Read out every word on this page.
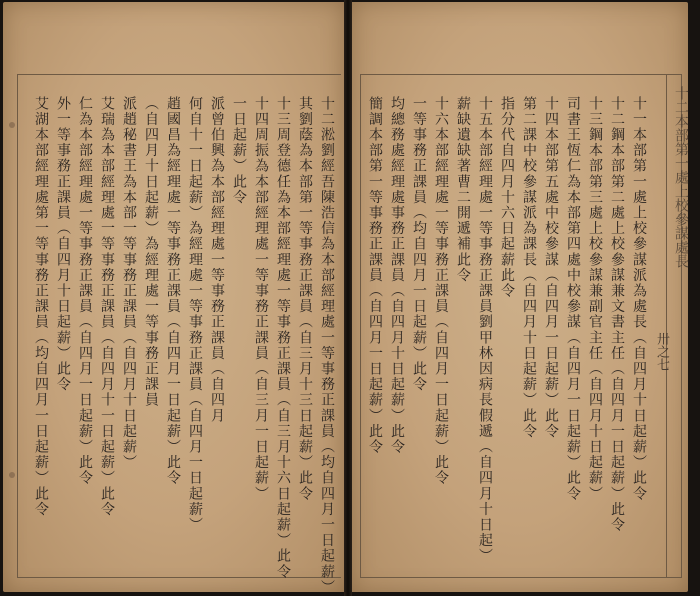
卅之七
十二本部第一處上校參謀處長
十二淞劉經吾陳浩信為本部經理處一等事務正課員（均自四月一日起薪）
其劉蔭為本部第一等事務正課員（自三月十三日起薪）此令
十三周登德任為本部經理處一等事務正課員（自三月十六日起薪）此令
十四周振為本部經理處一等事務正課員（自三月一日起薪）
一日起薪）此令
派曾伯興為本部經理處一等事務正課員（自四月
何自十一日起薪）為經理處一等事務正課員（自四月一日起薪）
趙國昌為經理處一等事務正課員（自四月一日起薪）此令
（自四月十日起薪）為經理處一等事務正課員
派趙秘書王為本部一等事務正課員（自四月十日起薪）
艾瑞為本部經理處一等事務正課員（自四月十一日起薪）此令
仁為本部經理處一等事務正課員（自四月一日起薪）此令
外一等事務正課員（自四月十日起薪）此令
艾湖本部經理處第一等事務正課員（均自四月一日起薪）此令	十一本部第一處上校參謀派為處長（自四月十日起薪）此令
十二鋼本部第二處上校參謀兼文書主任（自四月一日起薪）此令
十三鋼本部第三處上校參謀兼副官主任（自四月十日起薪）
司書王恆仁為本部第四處中校參謀（自四月一日起薪）此令
十四本部第五處中校參謀（自四月一日起薪）此令
第二課中校參謀派為課長（自四月十日起薪）此令
指分代自四月十六日起薪此令
十五本部經理處一等事務正課員劉甲林因病長假遞（自四月十日起）
薪缺遺缺著曹二開遞補此令
十六本部經理處一等事務正課員（自四月一日起薪）此令
一等事務正課員（均自四月一日起薪）此令
均總務處經理處事務正課員（自四月十日起薪）此令
簡調本部第一等事務正課員（自四月一日起薪）此令
